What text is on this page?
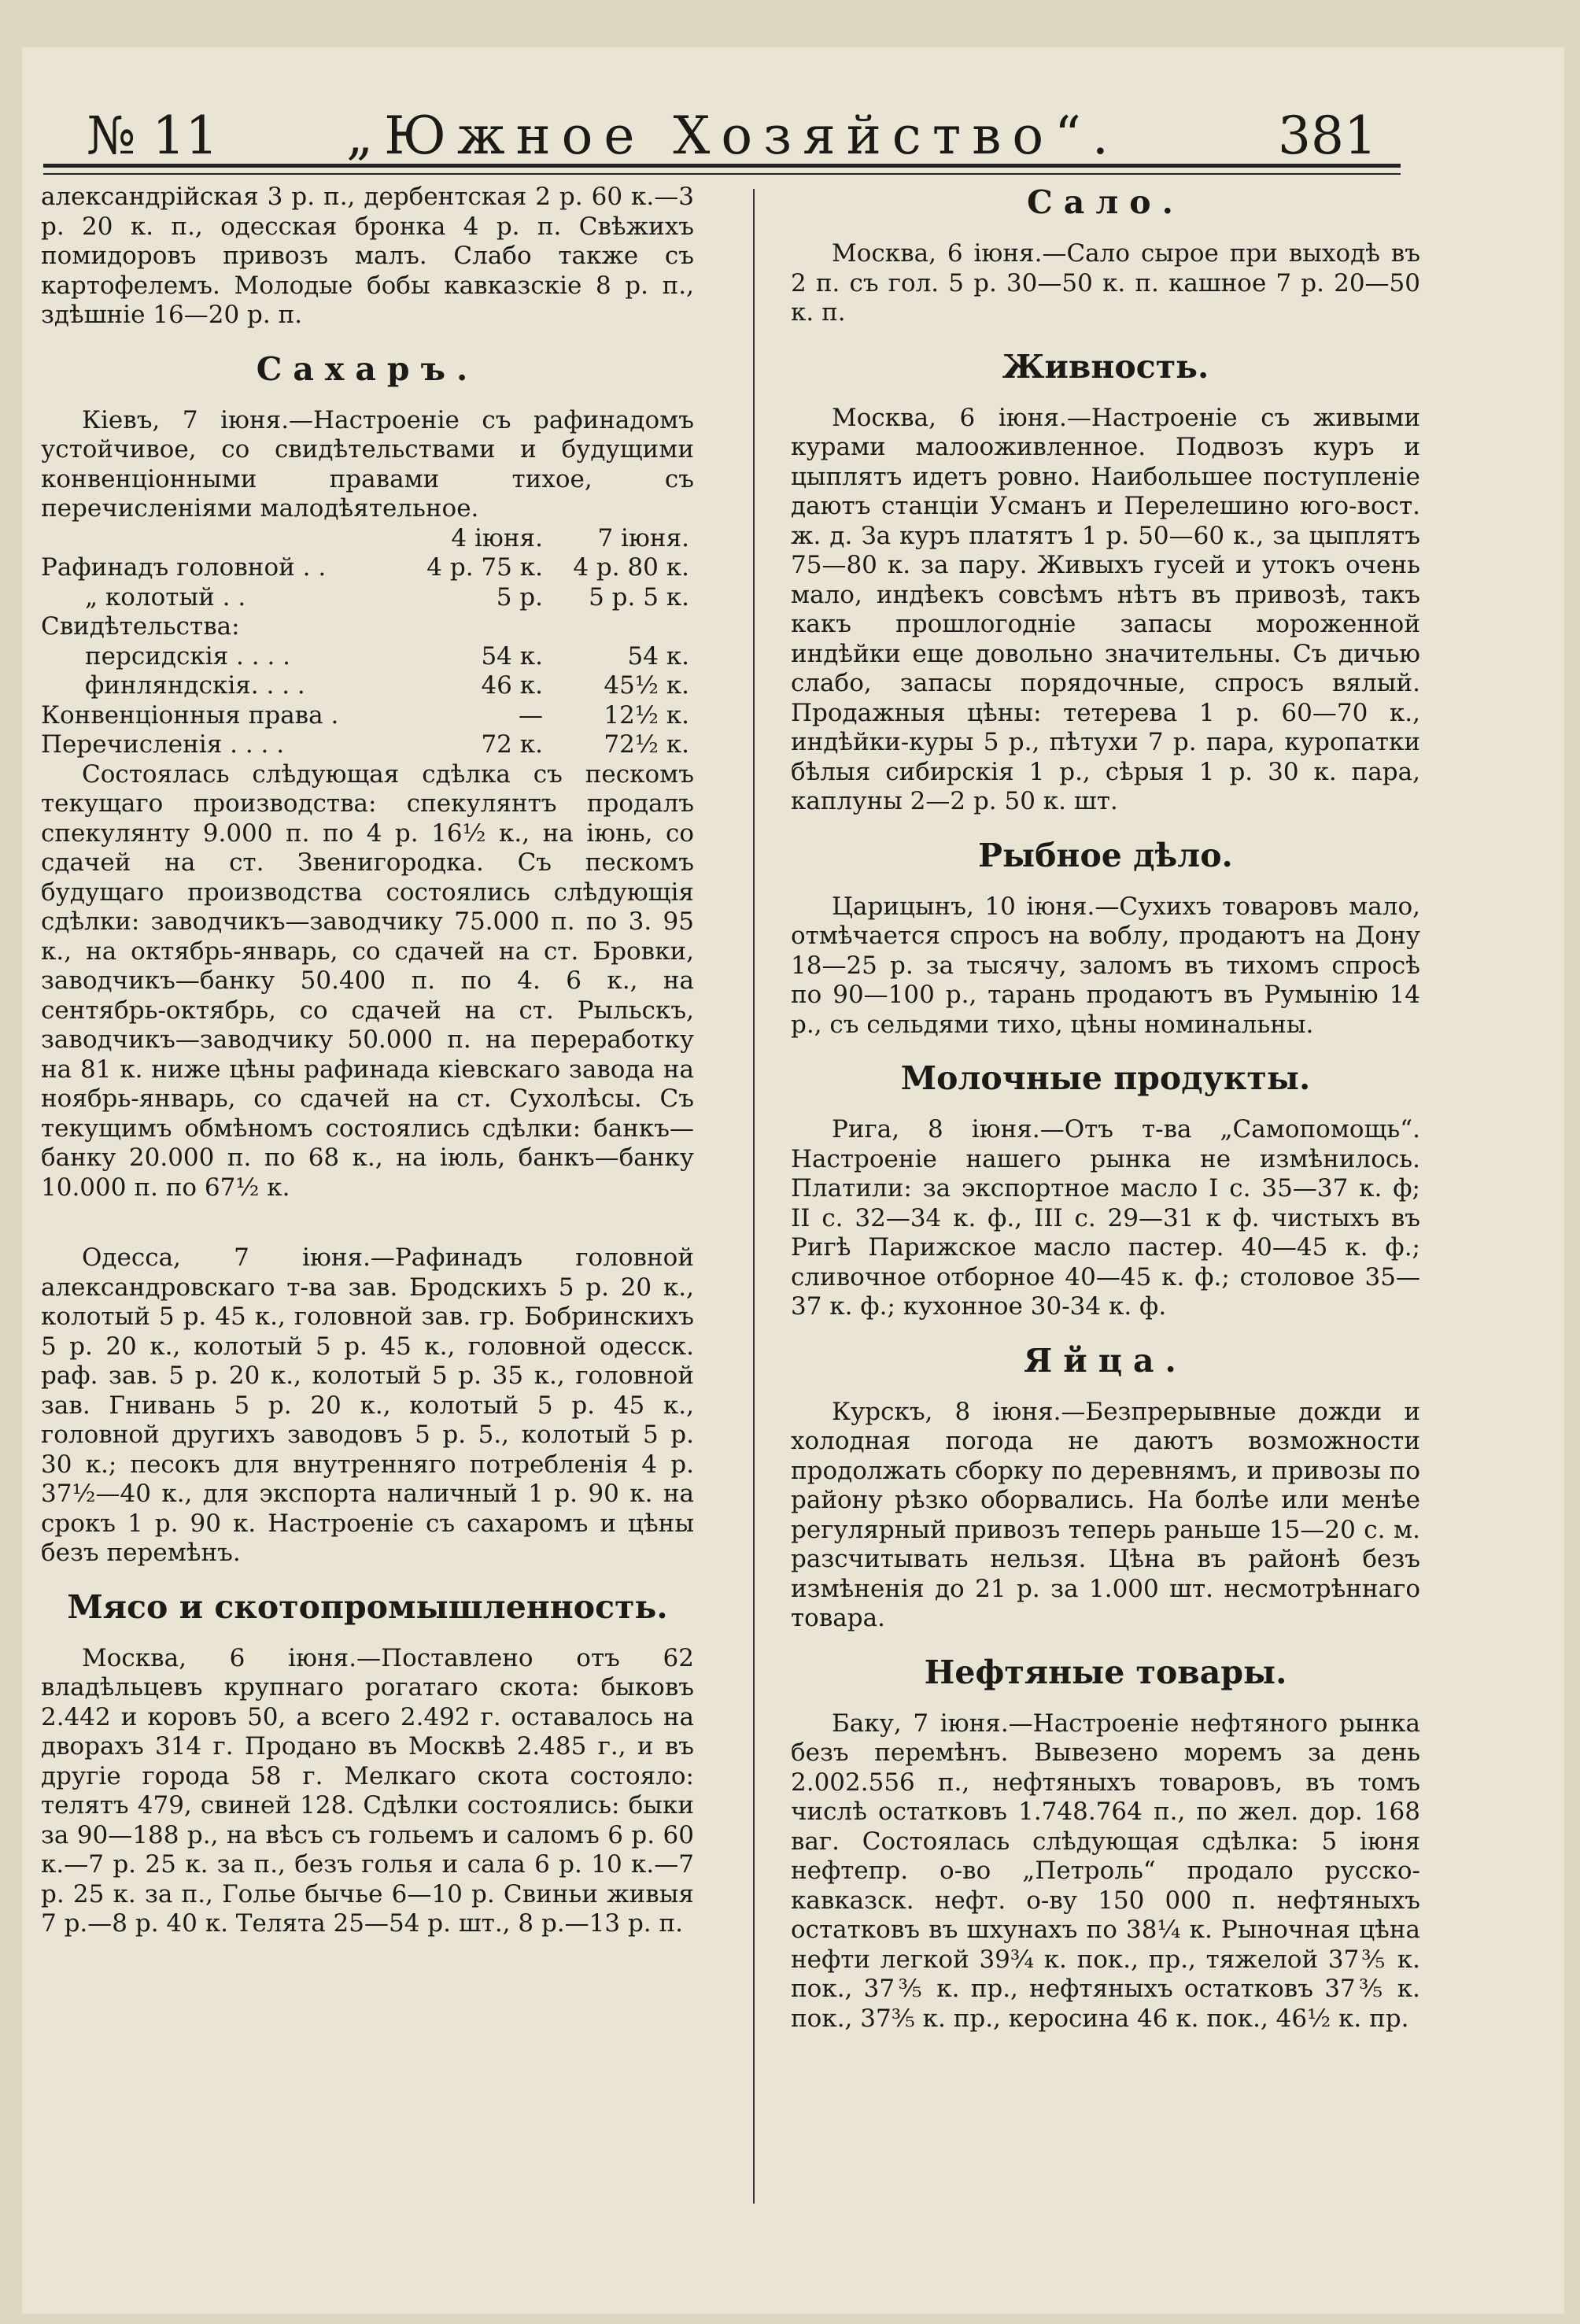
№ 11 „Южное Хозяйство“.	381

александрійская 3 р. п., дербентская 2 р. 60 к.—3 р. 20 к. п., одесская бронка 4 р. п. Свѣжихъ помидоровъ привозъ малъ. Слабо также съ картофелемъ. Молодые бобы кавказскіе 8 р. п., здѣшніе 16—20 р. п.

Сахаръ.

Кіевъ, 7 іюня.—Настроеніе съ рафинадомъ устойчивое, со свидѣтельствами и будущими конвенціонными правами тихое, съ перечисленіями малодѣятельное.

	4 іюня.	7 іюня.
Рафинадъ головной . .	4 р. 75 к.	4 р. 80 к.
„ колотый . .	5 р.	5 р. 5 к.
Свидѣтельства:		
персидскія . . . .	54 к.	54 к.
финляндскія. . . .	46 к.	45½ к.
Конвенціонныя права .	—	12½ к.
Перечисленія . . . .	72 к.	72½ к.

Состоялась слѣдующая сдѣлка съ пескомъ текущаго производства: спекулянтъ продалъ спекулянту 9.000 п. по 4 р. 16½ к., на іюнь, со сдачей на ст. Звенигородка. Съ пескомъ будущаго производства состоялись слѣдующія сдѣлки: заводчикъ—заводчику 75.000 п. по 3. 95 к., на октябрь-январь, со сдачей на ст. Бровки, заводчикъ—банку 50.400 п. по 4. 6 к., на сентябрь-октябрь, со сдачей на ст. Рыльскъ, заводчикъ—заводчику 50.000 п. на переработку на 81 к. ниже цѣны рафинада кіевскаго завода на ноябрь-январь, со сдачей на ст. Сухолѣсы. Съ текущимъ обмѣномъ состоялись сдѣлки: банкъ—банку 20.000 п. по 68 к., на іюль, банкъ—банку 10.000 п. по 67½ к.

Одесса, 7 іюня.—Рафинадъ головной александровскаго т-ва зав. Бродскихъ 5 р. 20 к., колотый 5 р. 45 к., головной зав. гр. Бобринскихъ 5 р. 20 к., колотый 5 р. 45 к., головной одесск. раф. зав. 5 р. 20 к., колотый 5 р. 35 к., головной зав. Гнивань 5 р. 20 к., колотый 5 р. 45 к., головной другихъ заводовъ 5 р. 5., колотый 5 р. 30 к.; песокъ для внутренняго потребленія 4 р. 37½—40 к., для экспорта наличный 1 р. 90 к. на срокъ 1 р. 90 к. Настроеніе съ сахаромъ и цѣны безъ перемѣнъ.

Мясо и скотопромышленность.

Москва, 6 іюня.—Поставлено отъ 62 владѣльцевъ крупнаго рогатаго скота: быковъ 2.442 и коровъ 50, а всего 2.492 г. оставалось на дворахъ 314 г. Продано въ Москвѣ 2.485 г., и въ другіе города 58 г. Мелкаго скота состояло: телятъ 479, свиней 128. Сдѣлки состоялись: быки за 90—188 р., на вѣсъ съ гольемъ и саломъ 6 р. 60 к.—7 р. 25 к. за п., безъ голья и сала 6 р. 10 к.—7 р. 25 к. за п., Голье бычье 6—10 р. Свиньи живыя 7 р.—8 р. 40 к. Телята 25—54 р. шт., 8 р.—13 р. п.

Сало.

Москва, 6 іюня.—Сало сырое при выходѣ въ 2 п. съ гол. 5 р. 30—50 к. п. кашное 7 р. 20—50 к. п.

Живность.

Москва, 6 іюня.—Настроеніе съ живыми курами малооживленное. Подвозъ куръ и цыплятъ идетъ ровно. Наибольшее поступленіе даютъ станціи Усманъ и Перелешино юго-вост. ж. д. За куръ платятъ 1 р. 50—60 к., за цыплятъ 75—80 к. за пару. Живыхъ гусей и утокъ очень мало, индѣекъ совсѣмъ нѣтъ въ привозѣ, такъ какъ прошлогодніе запасы мороженной индѣйки еще довольно значительны. Съ дичью слабо, запасы порядочные, спросъ вялый. Продажныя цѣны: тетерева 1 р. 60—70 к., индѣйки-куры 5 р., пѣтухи 7 р. пара, куропатки бѣлыя сибирскія 1 р., сѣрыя 1 р. 30 к. пара, каплуны 2—2 р. 50 к. шт.

Рыбное дѣло.

Царицынъ, 10 іюня.—Сухихъ товаровъ мало, отмѣчается спросъ на воблу, продаютъ на Дону 18—25 р. за тысячу, заломъ въ тихомъ спросѣ по 90—100 р., тарань продаютъ въ Румынію 14 р., съ сельдями тихо, цѣны номинальны.

Молочные продукты.

Рига, 8 іюня.—Отъ т-ва „Самопомощь“. Настроеніе нашего рынка не измѣнилось. Платили: за экспортное масло I с. 35—37 к. ф; II с. 32—34 к. ф., III с. 29—31 к ф. чистыхъ въ Ригѣ Парижское масло пастер. 40—45 к. ф.; сливочное отборное 40—45 к. ф.; столовое 35—37 к. ф.; кухонное 30-34 к. ф.

Яйца.

Курскъ, 8 іюня.—Безпрерывные дожди и холодная погода не даютъ возможности продолжать сборку по деревнямъ, и привозы по району рѣзко оборвались. На болѣе или менѣе регулярный привозъ теперь раньше 15—20 с. м. разсчитывать нельзя. Цѣна въ районѣ безъ измѣненія до 21 р. за 1.000 шт. несмотрѣннаго товара.

Нефтяные товары.

Баку, 7 іюня.—Настроеніе нефтяного рынка безъ перемѣнъ. Вывезено моремъ за день 2.002.556 п., нефтяныхъ товаровъ, въ томъ числѣ остатковъ 1.748.764 п., по жел. дор. 168 ваг. Состоялась слѣдующая сдѣлка: 5 іюня нефтепр. о-во „Петроль“ продало русско-кавказск. нефт. о-ву 150 000 п. нефтяныхъ остатковъ въ шхунахъ по 38¼ к. Рыночная цѣна нефти легкой 39¾ к. пок., пр., тяжелой 37⅗ к. пок., 37⅗ к. пр., нефтяныхъ остатковъ 37⅗ к. пок., 37⅗ к. пр., керосина 46 к. пок., 46½ к. пр.
